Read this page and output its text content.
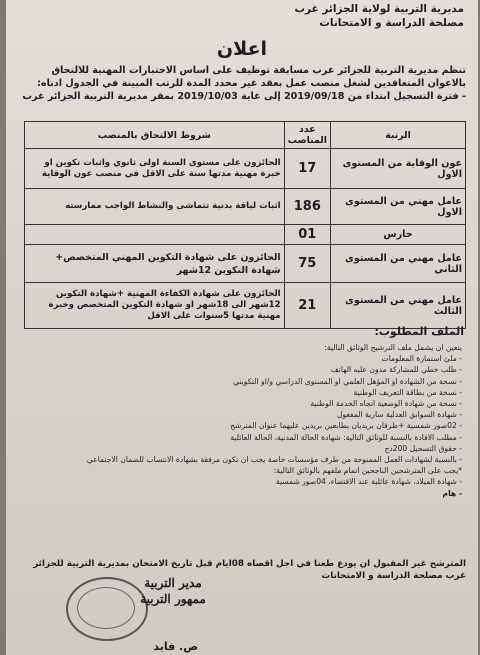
مديرية التربية لولاية الجزائر غرب
مصلحة الدراسة و الامتحانات
اعلان
تنظم مديرية التربية للجزائر غرب مسابقة توظيف على اساس الاختبارات المهنية للالتحاق
بالاعوان المتعاقدين لشغل منصب عمل بعقد غير محدد المدة للرتب المبينة في الجدول ادناه:
- فترة التسجيل ابتداء من 2019/09/18 إلى غاية 2019/10/03 بمقر مديرية التربية الجزائر غرب
الرتبة	عدد المناصب	شروط الالتحاق بالمنصب
عون الوقاية من المستوى الاول	17	الحائزون على مستوى السنة اولى ثانوي واثبات تكوين او خبرة مهنية مدتها سنة على الاقل في منصب عون الوقاية
عامل مهني من المستوى الاول	186	اثبات لياقة بدنية تتماشى والنشاط الواجب ممارسته
حارس	01	
عامل مهني من المستوى الثاني	75	الحائزون على شهادة التكوين المهني المتخصص+ شهادة التكوين 12شهر
عامل مهني من المستوى الثالث	21	الحائزون على شهادة الكفاءة المهنية +شهادة التكوين 12شهر الى 18شهر او شهادة التكوين المتخصص وخبرة مهنية مدتها 5سنوات على الاقل
الملف المطلوب:
يتعين ان يشمل ملف الترشيح الوثائق التالية:
- ملئ استمارة المعلومات
- طلب خطي للمشاركة مدون عليه الهاتف
- نسخة من الشهادة او المؤهل العلمي او المستوى الدراسي و/او التكويني
- نسخة من بطاقة التعريف الوطنية
- نسخة من شهادة الوضعية اتجاه الخدمة الوطنية
- شهادة السوابق العدلية سارية المفعول
- 02صور شمسية +ظرفان بريديان بطابعين بريدين عليهما عنوان المترشح
- مطلب الافادة بالنسبة للوثائق التالية: شهادة الحالة المدنية، الحالة العائلية
- حقوق التسجيل 200دج
- بالنسبة لشهادات العمل الممنوحة من طرف مؤسسات خاصة يجب ان تكون مرفقة بشهادة الانتساب للضمان الاجتماعي
*يجب على المترشحين الناجحين اتمام ملفهم بالوثائق التالية:
- شهادة الميلاد، شهادة عائلية عند الاقتضاء، 04صور شمسية
- هام
المترشح غير المقبول ان يودع طعنا في اجل اقصاه 08ايام قبل تاريخ الامتحان بمديرية التربية للجزائر غرب مصلحة الدراسة و الامتحانات
مدير التربية
ممهور التربية
ص. فايد
